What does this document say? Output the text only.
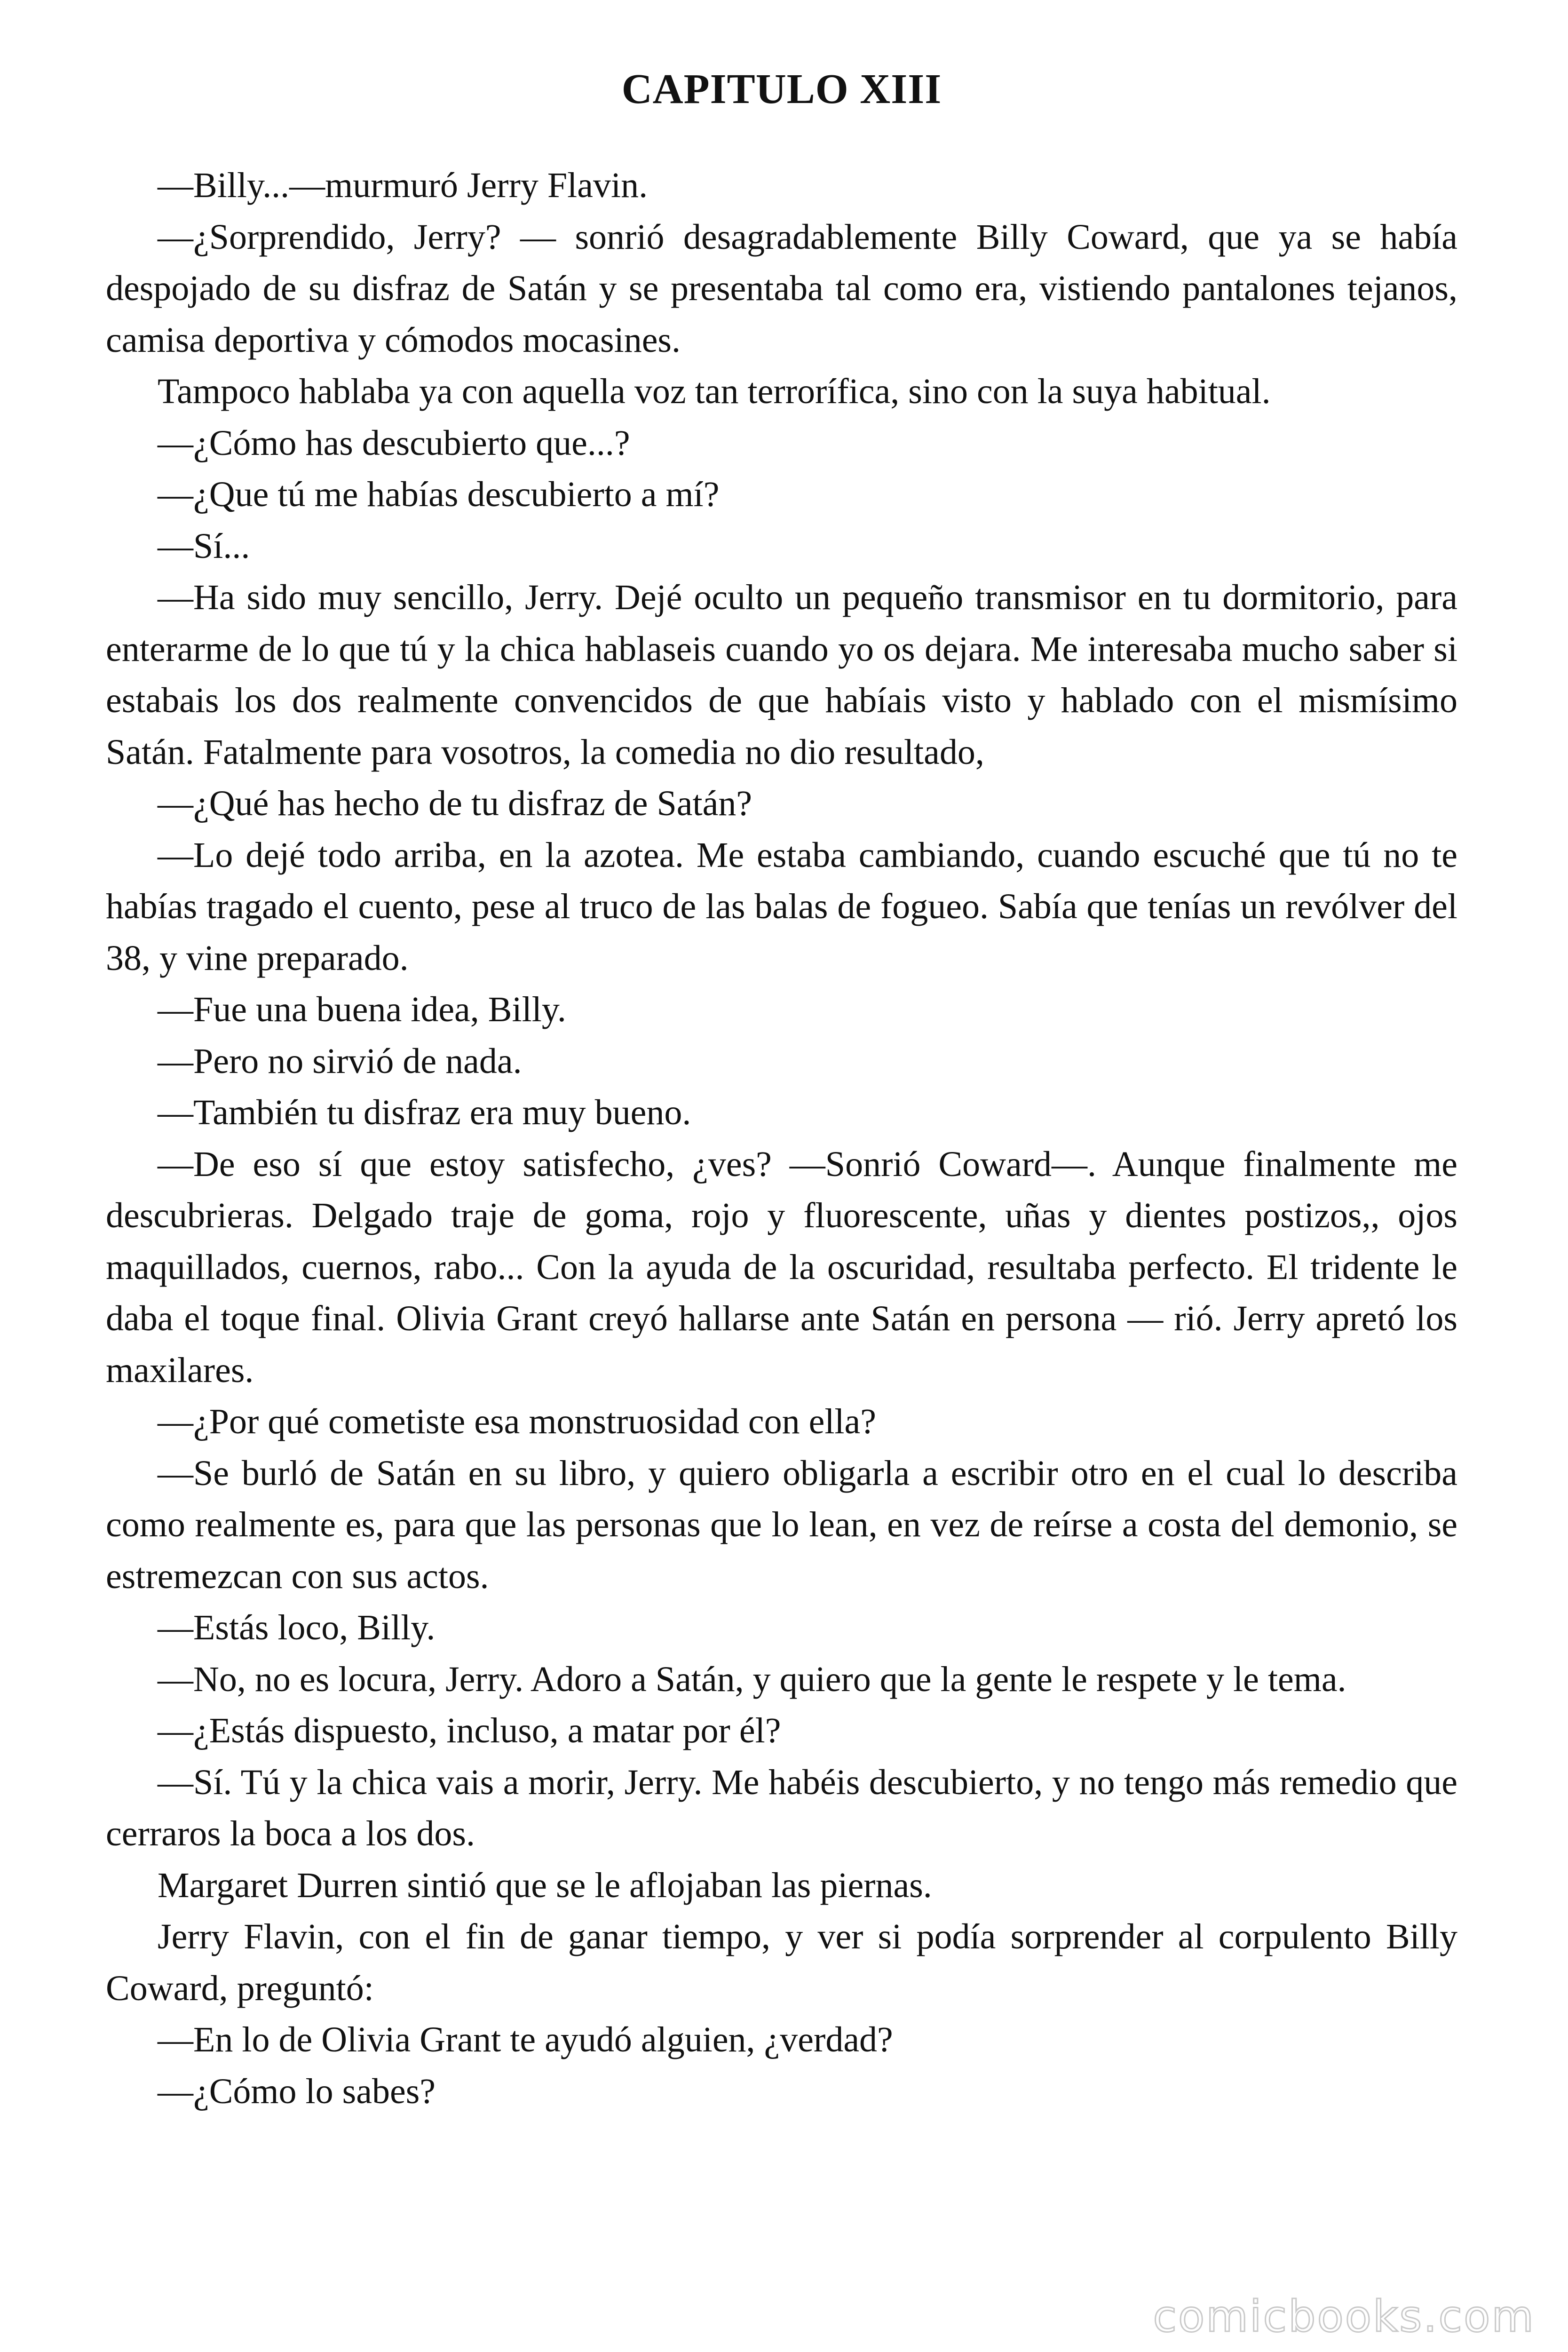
CAPITULO XIII

—Billy...—murmuró Jerry Flavin.

—¿Sorprendido, Jerry? — sonrió desagradablemente Billy Coward, que ya se había despojado de su disfraz de Satán y se presentaba tal como era, vistiendo pantalones tejanos, camisa deportiva y cómodos mocasines.

Tampoco hablaba ya con aquella voz tan terrorífica, sino con la suya habitual.

—¿Cómo has descubierto que...?

—¿Que tú me habías descubierto a mí?

—Sí...

—Ha sido muy sencillo, Jerry. Dejé oculto un pequeño transmisor en tu dormitorio, para enterarme de lo que tú y la chica hablaseis cuando yo os dejara. Me interesaba mucho saber si estabais los dos realmente convencidos de que habíais visto y hablado con el mismísimo Satán. Fatalmente para vosotros, la comedia no dio resultado,

—¿Qué has hecho de tu disfraz de Satán?

—Lo dejé todo arriba, en la azotea. Me estaba cambiando, cuando escuché que tú no te habías tragado el cuento, pese al truco de las balas de fogueo. Sabía que tenías un revólver del 38, y vine preparado.

—Fue una buena idea, Billy.

—Pero no sirvió de nada.

—También tu disfraz era muy bueno.

—De eso sí que estoy satisfecho, ¿ves? —Sonrió Coward—. Aunque finalmente me descubrieras. Delgado traje de goma, rojo y fluorescente, uñas y dientes postizos,, ojos maquillados, cuernos, rabo... Con la ayuda de la oscuridad, resultaba perfecto. El tridente le daba el toque final. Olivia Grant creyó hallarse ante Satán en persona — rió. Jerry apretó los maxilares.

—¿Por qué cometiste esa monstruosidad con ella?

—Se burló de Satán en su libro, y quiero obligarla a escribir otro en el cual lo describa como realmente es, para que las personas que lo lean, en vez de reírse a costa del demonio, se estremezcan con sus actos.

—Estás loco, Billy.

—No, no es locura, Jerry. Adoro a Satán, y quiero que la gente le respete y le tema.

—¿Estás dispuesto, incluso, a matar por él?

—Sí. Tú y la chica vais a morir, Jerry. Me habéis descubierto, y no tengo más remedio que cerraros la boca a los dos.

Margaret Durren sintió que se le aflojaban las piernas.

Jerry Flavin, con el fin de ganar tiempo, y ver si podía sorprender al corpulento Billy Coward, preguntó:

—En lo de Olivia Grant te ayudó alguien, ¿verdad?

—¿Cómo lo sabes?

comicbooks.com
